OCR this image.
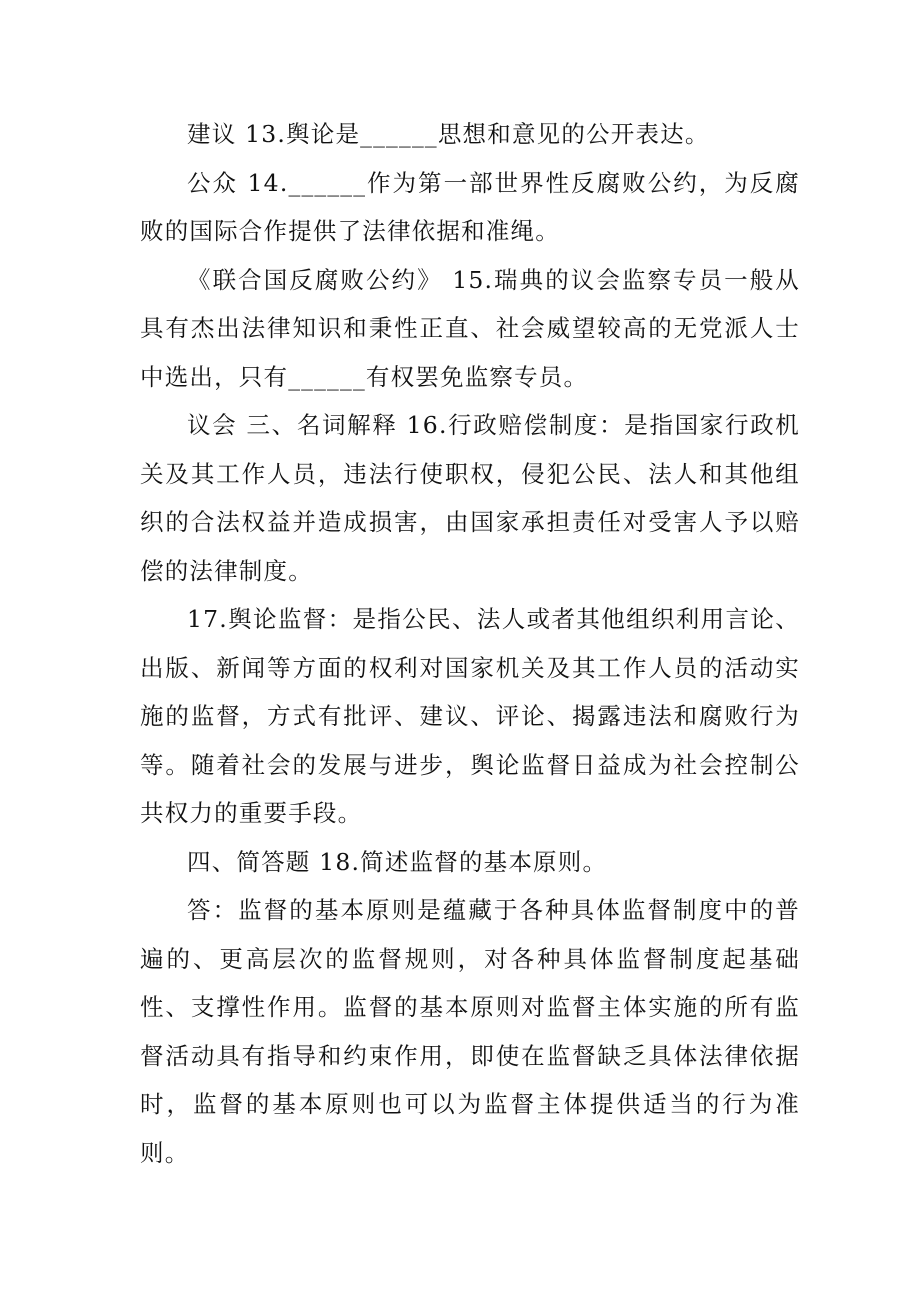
建议 13.舆论是______思想和意见的公开表达。

公众 14.______作为第一部世界性反腐败公约，为反腐败的国际合作提供了法律依据和准绳。

《联合国反腐败公约》 15.瑞典的议会监察专员一般从具有杰出法律知识和秉性正直、社会威望较高的无党派人士中选出，只有______有权罢免监察专员。

议会 三、名词解释 16.行政赔偿制度：是指国家行政机关及其工作人员，违法行使职权，侵犯公民、法人和其他组织的合法权益并造成损害，由国家承担责任对受害人予以赔偿的法律制度。

17.舆论监督：是指公民、法人或者其他组织利用言论、出版、新闻等方面的权利对国家机关及其工作人员的活动实施的监督，方式有批评、建议、评论、揭露违法和腐败行为等。随着社会的发展与进步，舆论监督日益成为社会控制公共权力的重要手段。

四、简答题 18.简述监督的基本原则。

答：监督的基本原则是蕴藏于各种具体监督制度中的普遍的、更高层次的监督规则，对各种具体监督制度起基础性、支撑性作用。监督的基本原则对监督主体实施的所有监督活动具有指导和约束作用，即使在监督缺乏具体法律依据时，监督的基本原则也可以为监督主体提供适当的行为准则。
